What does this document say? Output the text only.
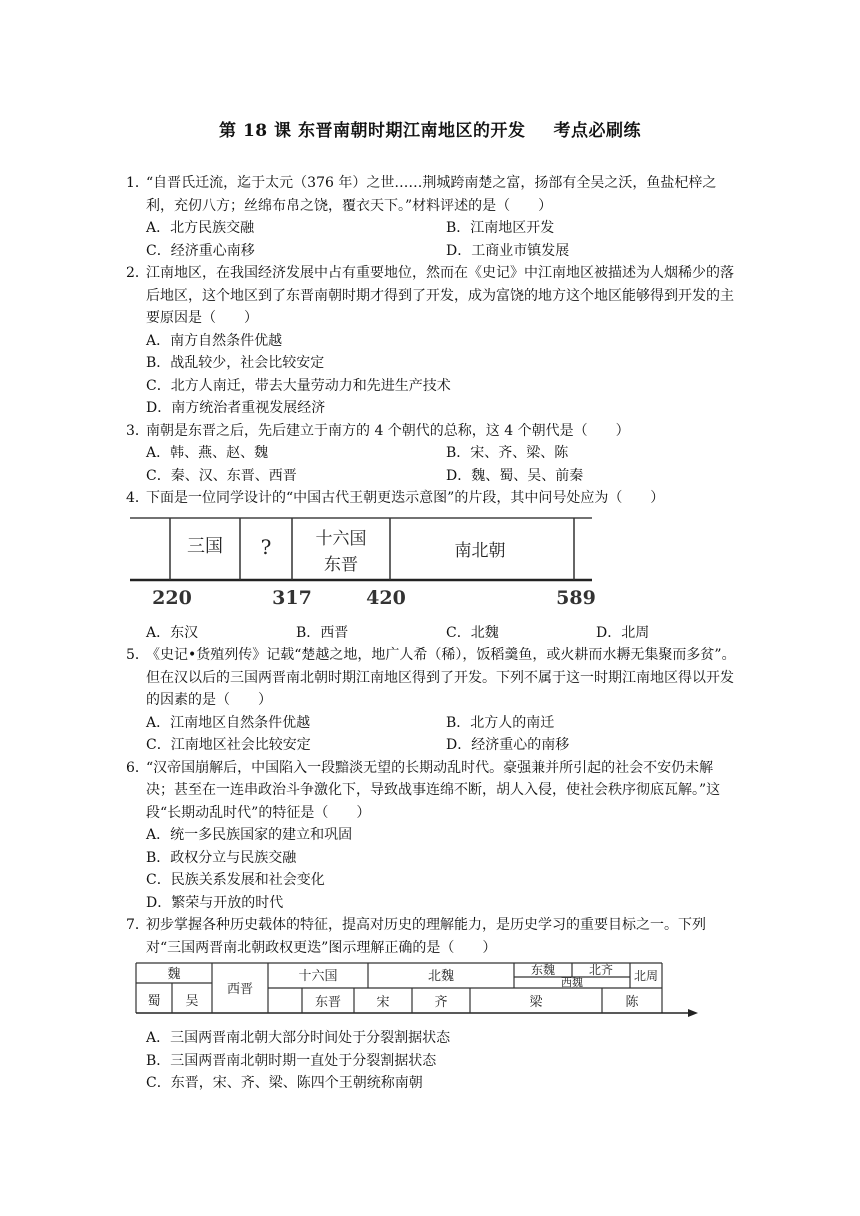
第 18 课 东晋南朝时期江南地区的开发 考点必刷练
1．“自晋氏迁流，迄于太元（376 年）之世……荆城跨南楚之富，扬部有全吴之沃，鱼盐杞梓之利，充仞八方；丝绵布帛之饶，覆衣天下。”材料评述的是（　　）
A．北方民族交融	B．江南地区开发
C．经济重心南移	D．工商业市镇发展
2．江南地区，在我国经济发展中占有重要地位，然而在《史记》中江南地区被描述为人烟稀少的落后地区，这个地区到了东晋南朝时期才得到了开发，成为富饶的地方这个地区能够得到开发的主要原因是（　　）
A．南方自然条件优越
B．战乱较少，社会比较安定
C．北方人南迁，带去大量劳动力和先进生产技术
D．南方统治者重视发展经济
3．南朝是东晋之后，先后建立于南方的 4 个朝代的总称，这 4 个朝代是（　　）
A．韩、燕、赵、魏	B．宋、齐、梁、陈
C．秦、汉、东晋、西晋	D．魏、蜀、吴、前秦
4．下面是一位同学设计的“中国古代王朝更迭示意图”的片段，其中问号处应为（　　）
三国 ?	十六国
东晋
南北朝
220	317	420	589
A．东汉	B．西晋	C．北魏	D．北周
5．《史记•货殖列传》记载“楚越之地，地广人希（稀），饭稻羹鱼，或火耕而水耨无集聚而多贫”。但在汉以后的三国两晋南北朝时期江南地区得到了开发。下列不属于这一时期江南地区得以开发的因素的是（　　）
A．江南地区自然条件优越	B．北方人的南迁
C．江南地区社会比较安定	D．经济重心的南移
6．“汉帝国崩解后，中国陷入一段黯淡无望的长期动乱时代。豪强兼并所引起的社会不安仍未解决；甚至在一连串政治斗争激化下，导致战事连绵不断，胡人入侵，使社会秩序彻底瓦解。”这段“长期动乱时代”的特征是（　　）
A．统一多民族国家的建立和巩固
B．政权分立与民族交融
C．民族关系发展和社会变化
D．繁荣与开放的时代
7．初步掌握各种历史载体的特征，提高对历史的理解能力，是历史学习的重要目标之一。下列对“三国两晋南北朝政权更迭”图示理解正确的是（　　）
魏
蜀 吴
西晋
十六国	北魏	东魏	北齐 北周
西魏
东晋	宋	齐	梁	陈
A．三国两晋南北朝大部分时间处于分裂割据状态
B．三国两晋南北朝时期一直处于分裂割据状态
C．东晋，宋、齐、梁、陈四个王朝统称南朝
